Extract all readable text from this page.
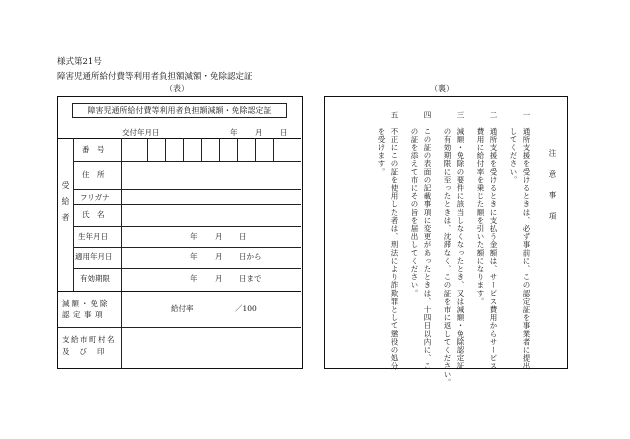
様式第21号
障害児通所給付費等利用者負担額減額・免除認定証
（表）	（裏）
障害児通所給付費等利用者負担額減額・免除認定証
交付年月日	年 月 日
受給者
番　号
住　所
フリガナ
氏　名
生年月日	年 月 日
適用年月日	年 月 日から
有効期限	年 月 日まで
減額・免除
認定事項
給付率	／100
支給市町村名
及び印
注　意　事　項
一　通所支援を受けるときは、必ず事前に、この認定証を事業者に提出
　　してください。
二　通所支援を受けるときに支払う金額は、サービス費用からサービス
　　費用に給付率を乗じた額を引いた額になります。
三　減額・免除の要件に該当しなくなったとき、又は減額・免除認定証
　　の有効期限に至ったときは、沈滞なく、この証を市に返してください。
四　この証の表面の記載事項に変更があったときは、十四日以内に、こ
　　の証を添えて市にその旨を届出してください。
五　不正にこの証を使用した者は、刑法により詐欺罪として懲役の処分
　　を受けます。
